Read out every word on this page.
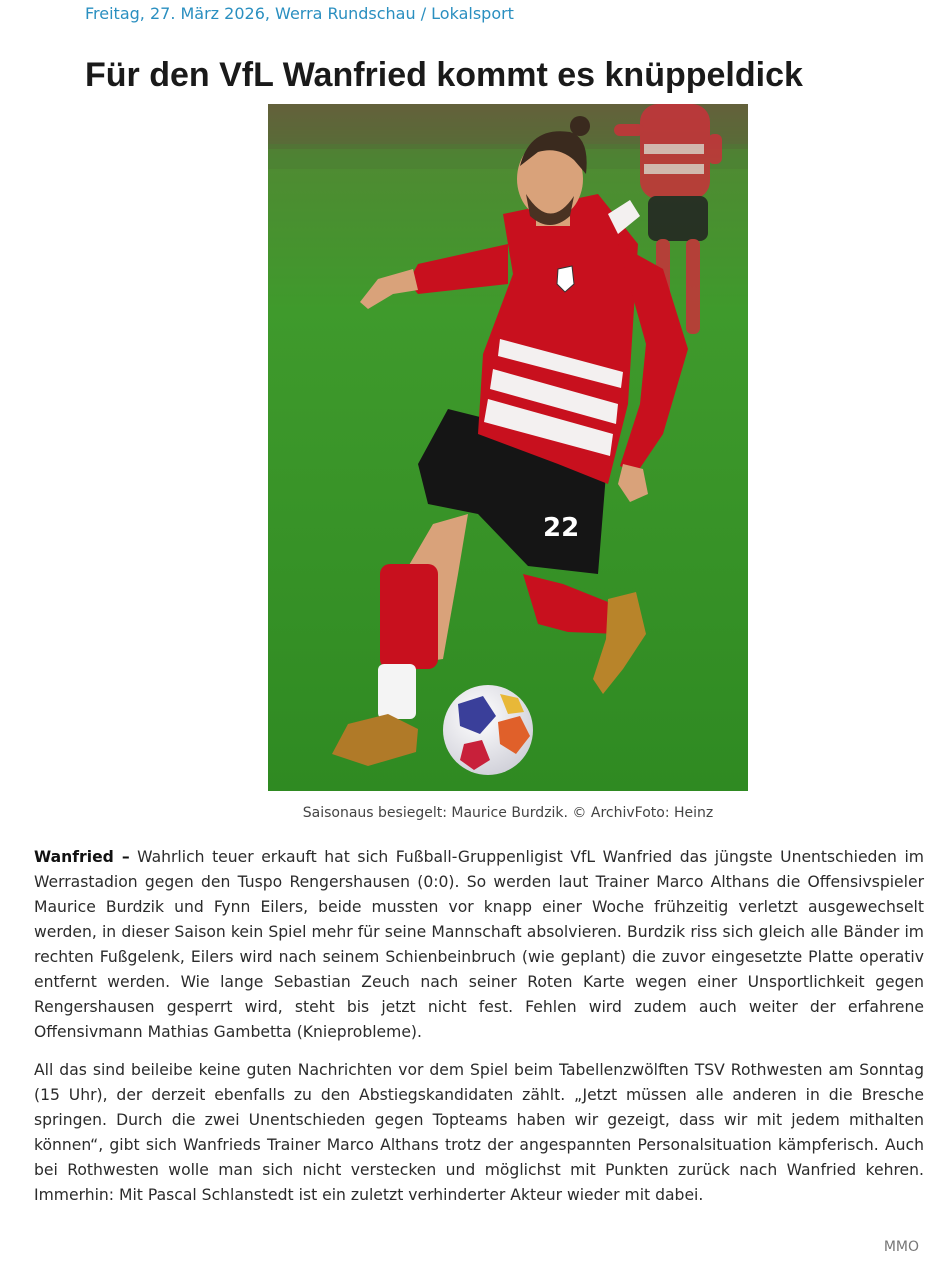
Freitag, 27. März 2026, Werra Rundschau / Lokalsport
Für den VfL Wanfried kommt es knüppeldick
22
Saisonaus besiegelt: Maurice Burdzik. © ArchivFoto: Heinz

Wanfried – Wahrlich teuer erkauft hat sich Fußball-Gruppenligist VfL Wanfried das jüngste Unentschieden im Werrastadion gegen den Tuspo Rengershausen (0:0). So werden laut Trainer Marco Althans die Offensivspieler Maurice Burdzik und Fynn Eilers, beide mussten vor knapp einer Woche frühzeitig verletzt ausgewechselt werden, in dieser Saison kein Spiel mehr für seine Mannschaft absolvieren. Burdzik riss sich gleich alle Bänder im rechten Fußgelenk, Eilers wird nach seinem Schienbeinbruch (wie geplant) die zuvor eingesetzte Platte operativ entfernt werden. Wie lange Sebastian Zeuch nach seiner Roten Karte wegen einer Unsportlichkeit gegen Rengershausen gesperrt wird, steht bis jetzt nicht fest. Fehlen wird zudem auch weiter der erfahrene Offensivmann Mathias Gambetta (Knieprobleme).

All das sind beileibe keine guten Nachrichten vor dem Spiel beim Tabellenzwölften TSV Rothwesten am Sonntag (15 Uhr), der derzeit ebenfalls zu den Abstiegskandidaten zählt. „Jetzt müssen alle anderen in die Bresche springen. Durch die zwei Unentschieden gegen Topteams haben wir gezeigt, dass wir mit jedem mithalten können“, gibt sich Wanfrieds Trainer Marco Althans trotz der angespannten Personalsituation kämpferisch. Auch bei Rothwesten wolle man sich nicht verstecken und möglichst mit Punkten zurück nach Wanfried kehren. Immerhin: Mit Pascal Schlanstedt ist ein zuletzt verhinderter Akteur wieder mit dabei.

MMO
